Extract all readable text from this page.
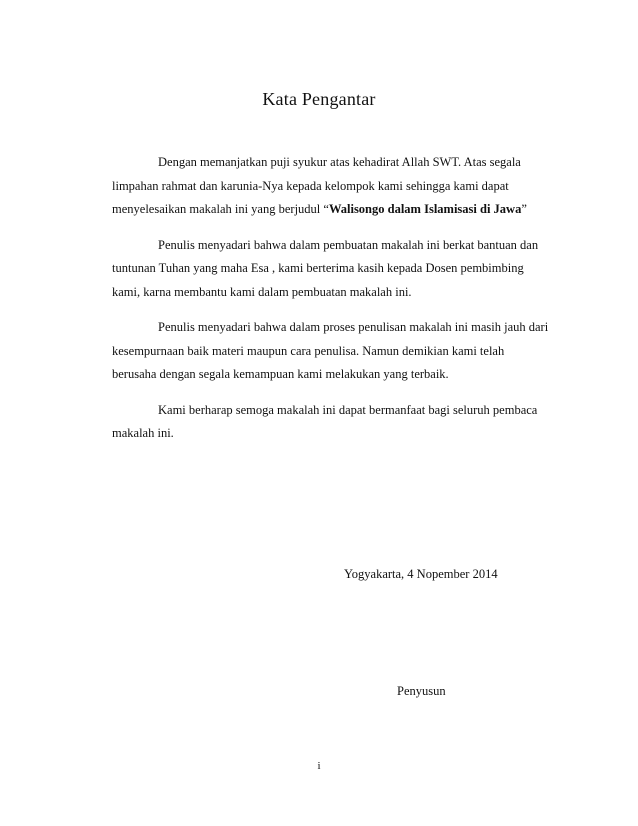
Kata Pengantar

Dengan memanjatkan puji syukur atas kehadirat Allah SWT. Atas segala
limpahan rahmat dan karunia-Nya kepada kelompok kami sehingga kami dapat
menyelesaikan makalah ini yang berjudul “Walisongo dalam Islamisasi di Jawa”

Penulis menyadari bahwa dalam pembuatan makalah ini berkat bantuan dan
tuntunan Tuhan yang maha Esa , kami berterima kasih kepada Dosen pembimbing
kami, karna membantu kami dalam pembuatan makalah ini.

Penulis menyadari bahwa dalam proses penulisan makalah ini masih jauh dari
kesempurnaan baik materi maupun cara penulisa. Namun demikian kami telah
berusaha dengan segala kemampuan kami melakukan yang terbaik.

Kami berharap semoga makalah ini dapat bermanfaat bagi seluruh pembaca
makalah ini.

Yogyakarta, 4 Nopember 2014
Penyusun
i
